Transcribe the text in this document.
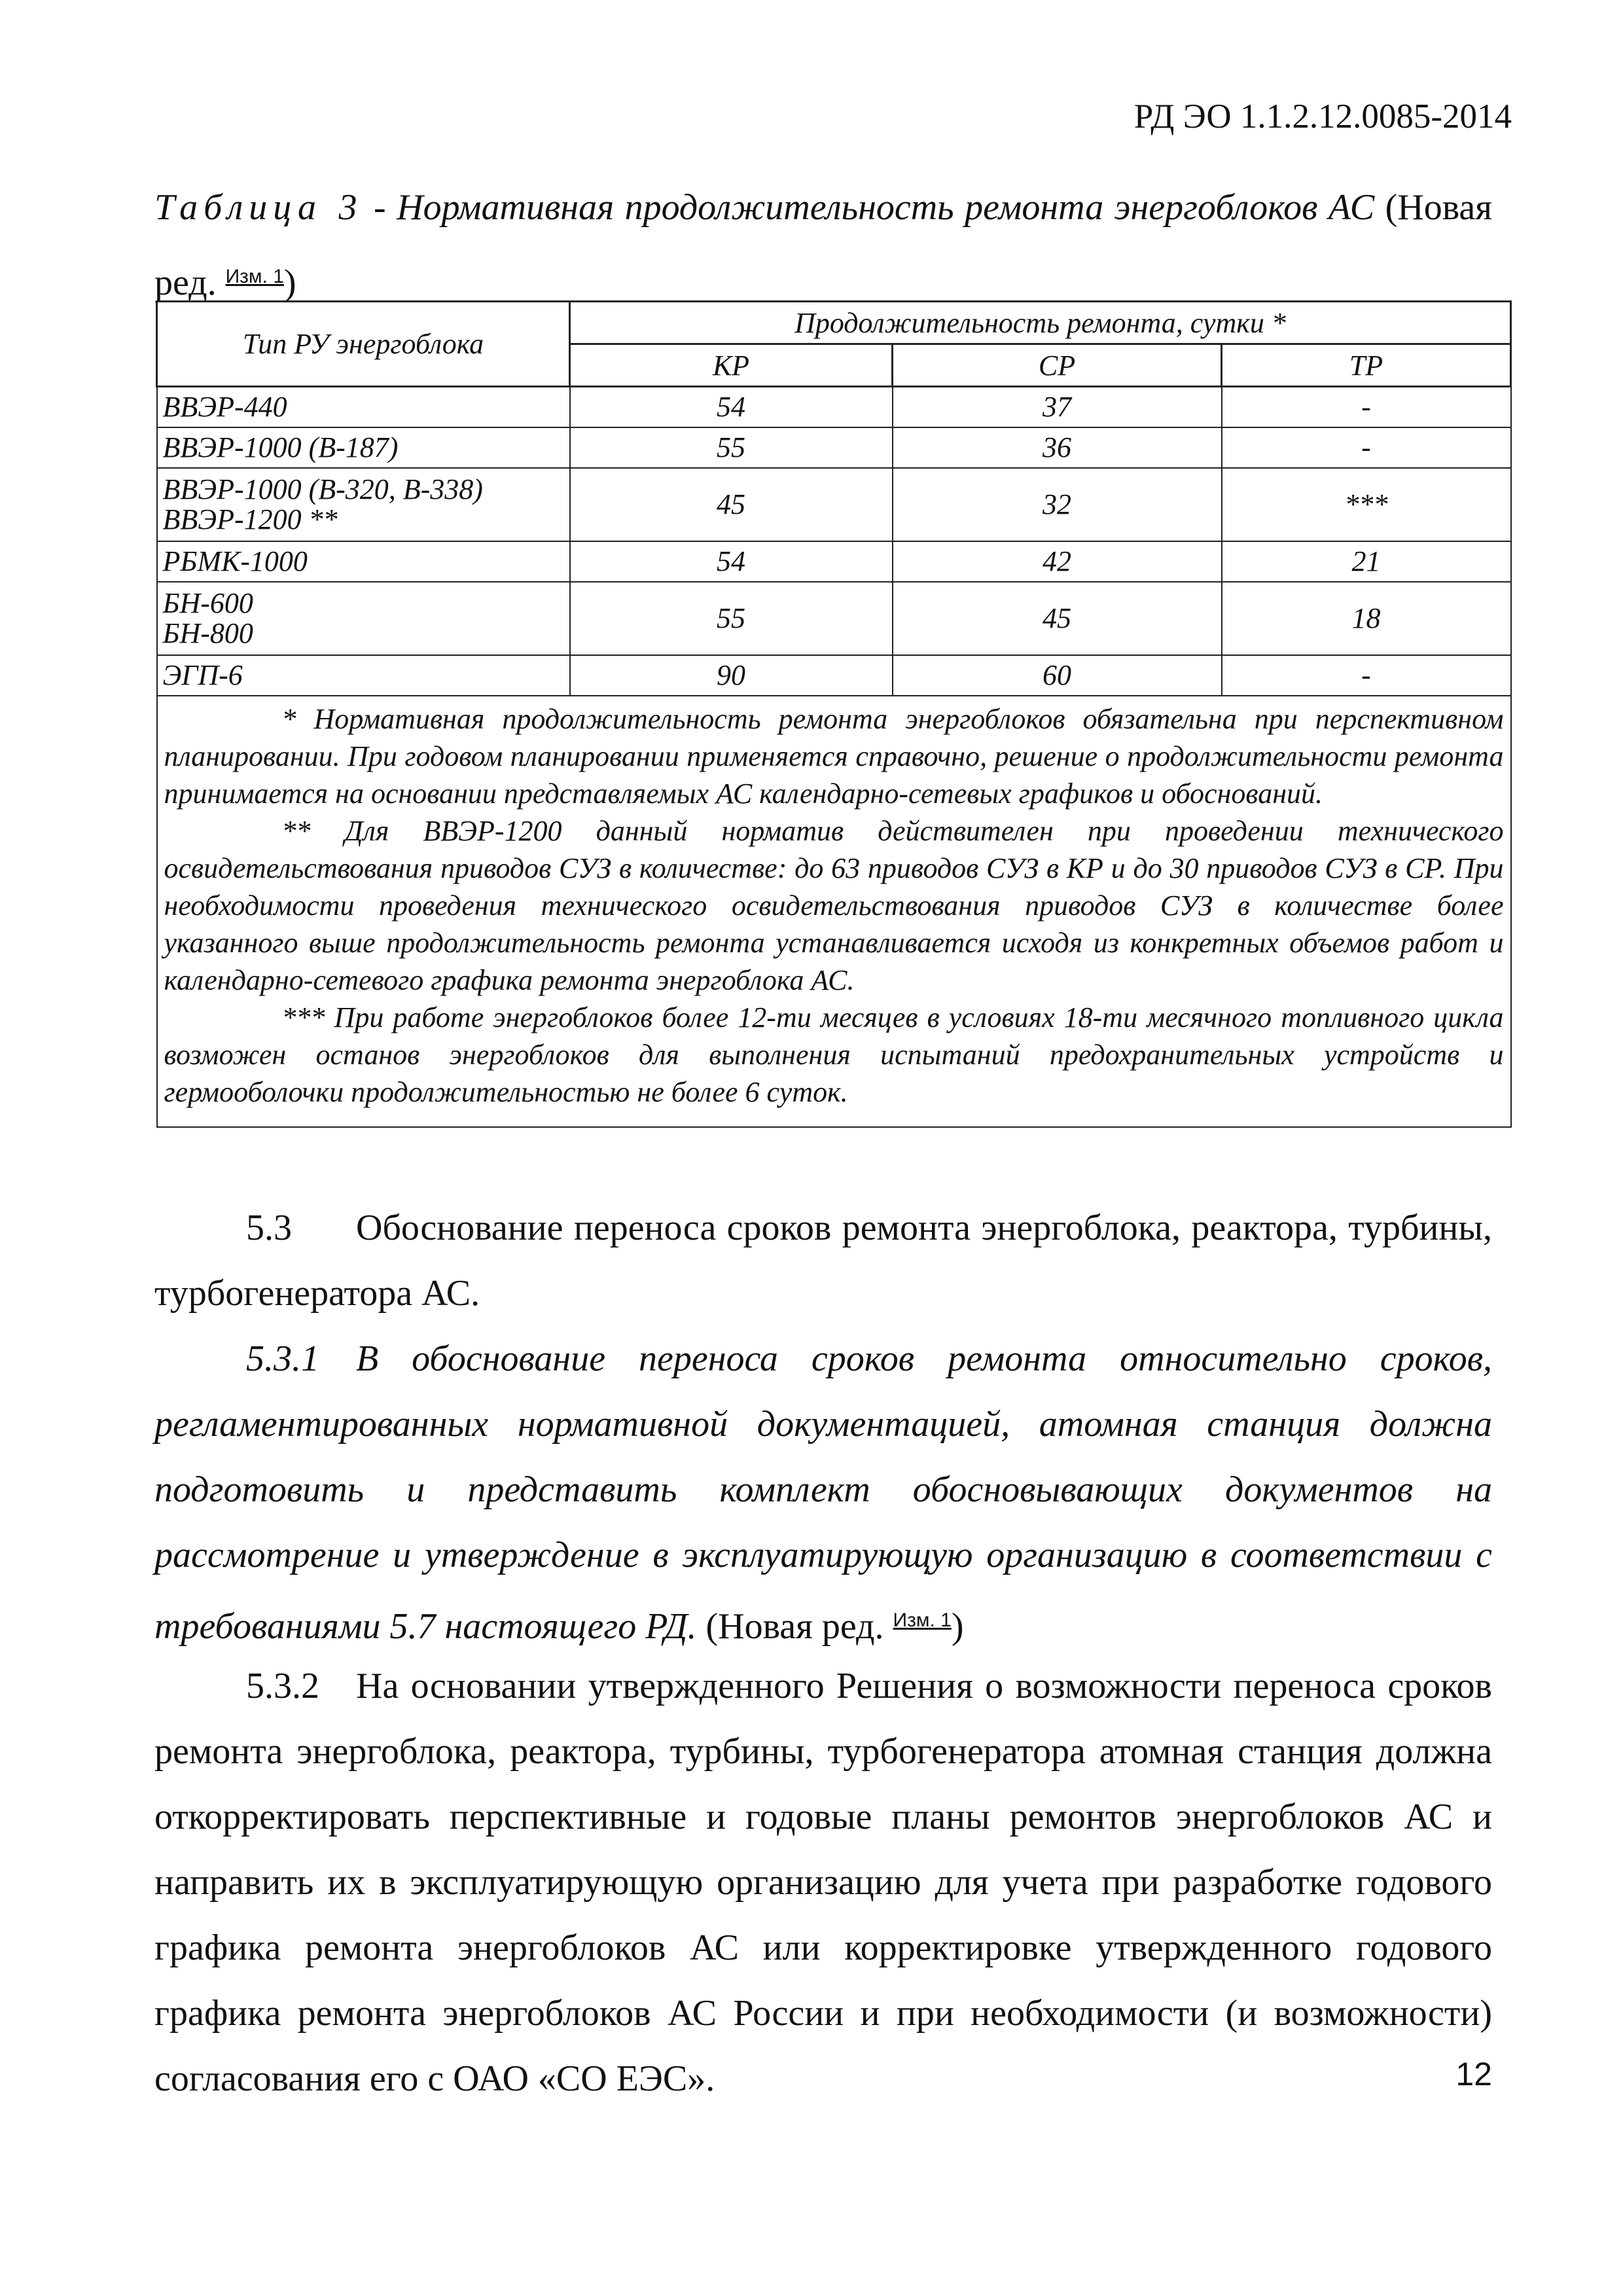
РД ЭО 1.1.2.12.0085-2014
Таблица 3 - Нормативная продолжительность ремонта энергоблоков АС (Новая ред. $^{Изм. 1}$)
Тип РУ энергоблока	Продолжительность ремонта, сутки *		
	КР	СР	ТР
ВВЭР-440	54	37	-
ВВЭР-1000 (В-187)	55	36	-
ВВЭР-1000 (В-320, В-338)
ВВЭР-1200 **	45	32	***
РБМК-1000	54	42	21
БН-600
БН-800	55	45	18
ЭГП-6	90	60	-

* Нормативная продолжительность ремонта энергоблоков обязательна при перспективном планировании. При годовом планировании применяется справочно, решение о продолжительности ремонта принимается на основании представляемых АС календарно-сетевых графиков и обоснований.

** Для ВВЭР-1200 данный норматив действителен при проведении технического освидетельствования приводов СУЗ в количестве: до 63 приводов СУЗ в КР и до 30 приводов СУЗ в СР. При необходимости проведения технического освидетельствования приводов СУЗ в количестве более указанного выше продолжительность ремонта устанавливается исходя из конкретных объемов работ и календарно-сетевого графика ремонта энергоблока АС.

*** При работе энергоблоков более 12-ти месяцев в условиях 18-ти месячного топливного цикла возможен останов энергоблоков для выполнения испытаний предохранительных устройств и гермооболочки продолжительностью не более 6 суток.			

5.3 Обоснование переноса сроков ремонта энергоблока, реактора, турбины, турбогенератора АС.

5.3.1 В обоснование переноса сроков ремонта относительно сроков, регламентированных нормативной документацией, атомная станция должна подготовить и представить комплект обосновывающих документов на рассмотрение и утверждение в эксплуатирующую организацию в соответствии с требованиями 5.7 настоящего РД. (Новая ред. $^{Изм. 1}$)

5.3.2 На основании утвержденного Решения о возможности переноса сроков ремонта энергоблока, реактора, турбины, турбогенератора атомная станция должна откорректировать перспективные и годовые планы ремонтов энергоблоков АС и направить их в эксплуатирующую организацию для учета при разработке годового графика ремонта энергоблоков АС или корректировке утвержденного годового графика ремонта энергоблоков АС России и при необходимости (и возможности) согласования его с ОАО «СО ЕЭС».	12
